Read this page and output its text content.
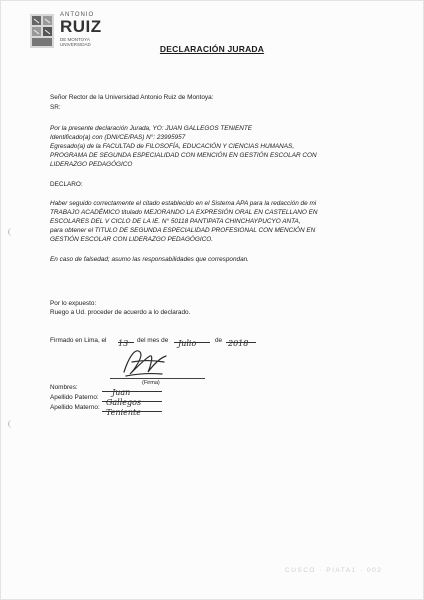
ANTONIO
RUIZ
DE MONTOYA
UNIVERSIDAD	DECLARACIÓN JURADA
Señor Rector de la Universidad Antonio Ruiz de Montoya:
SR:
Por la presente declaración Jurada, YO: JUAN GALLEGOS TENIENTE
Identificado(a) con (DNI/CE/PAS) N°: 23995957
Egresado(a) de la FACULTAD de FILOSOFÍA, EDUCACIÓN Y CIENCIAS HUMANAS,
PROGRAMA DE SEGUNDA ESPECIALIDAD CON MENCIÓN EN GESTIÓN ESCOLAR CON
LIDERAZGO PEDAGÓGICO
DECLARO:
Haber seguido correctamente el citado establecido en el Sistema APA para la redacción de mi
TRABAJO ACADÉMICO titulado MEJORANDO LA EXPRESIÓN ORAL EN CASTELLANO EN
ESCOLARES DEL V CICLO DE LA IE. N° 50118 PANTIPATA CHINCHAYPUCYO ANTA,
para obtener el TITULO DE SEGUNDA ESPECIALIDAD PROFESIONAL CON MENCIÓN EN
GESTIÓN ESCOLAR CON LIDERAZGO PEDAGÓGICO.
En caso de falsedad; asumo las responsabilidades que correspondan.
Por lo expuesto:
Ruego a Ud. proceder de acuerdo a lo declarado.
Firmado en Lima, el 13	del mes de	Julio	de 2018
(Firma)
Nombres:
Juan
Apellido Paterno:
Gallegos
Apellido Materno:
Teniente
CUSCO · PIATA1 · 002
